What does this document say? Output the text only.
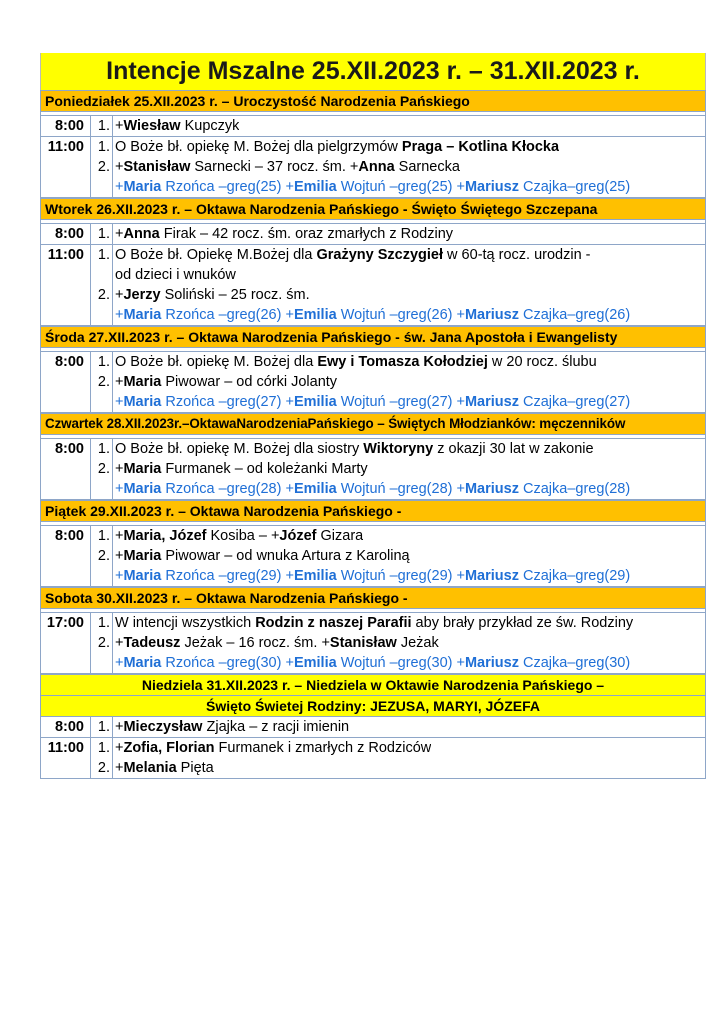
Intencje Mszalne 25.XII.2023 r. – 31.XII.2023 r.
Poniedziałek 25.XII.2023 r. – Uroczystość Narodzenia Pańskiego
8:00 1. +Wiesław Kupczyk
11:00 1. O Boże bł. opiekę M. Bożej dla pielgrzymów Praga – Kotlina Kłocka
2. +Stanisław Sarnecki – 37 rocz. śm. +Anna Sarnecka
+Maria Rzońca –greg(25) +Emilia Wojtuń –greg(25) +Mariusz Czajka–greg(25)
Wtorek 26.XII.2023 r. – Oktawa Narodzenia Pańskiego - Święto Świętego Szczepana
8:00 1. +Anna Firak – 42 rocz. śm. oraz zmarłych z Rodziny
11:00 1. O Boże bł. Opiekę M.Bożej dla Grażyny Szczygieł w 60-tą rocz. urodzin -
od dzieci i wnuków
2. +Jerzy Soliński – 25 rocz. śm.
+Maria Rzońca –greg(26) +Emilia Wojtuń –greg(26) +Mariusz Czajka–greg(26)
Środa 27.XII.2023 r. – Oktawa Narodzenia Pańskiego - św. Jana Apostoła i Ewangelisty
8:00 1. O Boże bł. opiekę M. Bożej dla Ewy i Tomasza Kołodziej w 20 rocz. ślubu
2. +Maria Piwowar – od córki Jolanty
+Maria Rzońca –greg(27) +Emilia Wojtuń –greg(27) +Mariusz Czajka–greg(27)
Czwartek 28.XII.2023r.–OktawaNarodzeniaPańskiego – Świętych Młodzianków: męczenników
8:00 1. O Boże bł. opiekę M. Bożej dla siostry Wiktoryny z okazji 30 lat w zakonie
2. +Maria Furmanek – od koleżanki Marty
+Maria Rzońca –greg(28) +Emilia Wojtuń –greg(28) +Mariusz Czajka–greg(28)
Piątek 29.XII.2023 r. – Oktawa Narodzenia Pańskiego -
8:00 1. +Maria, Józef Kosiba – +Józef Gizara
2. +Maria Piwowar – od wnuka Artura z Karoliną
+Maria Rzońca –greg(29) +Emilia Wojtuń –greg(29) +Mariusz Czajka–greg(29)
Sobota 30.XII.2023 r. – Oktawa Narodzenia Pańskiego -
17:00 1. W intencji wszystkich Rodzin z naszej Parafii aby brały przykład ze św. Rodziny
2. +Tadeusz Jeżak – 16 rocz. śm. +Stanisław Jeżak
+Maria Rzońca –greg(30) +Emilia Wojtuń –greg(30) +Mariusz Czajka–greg(30)
Niedziela 31.XII.2023 r. – Niedziela w Oktawie Narodzenia Pańskiego –
Święto Świetej Rodziny: JEZUSA, MARYI, JÓZEFA
8:00 1. +Mieczysław Zjajka – z racji imienin
11:00 1. +Zofia, Florian Furmanek i zmarłych z Rodziców
2. +Melania Pięta
